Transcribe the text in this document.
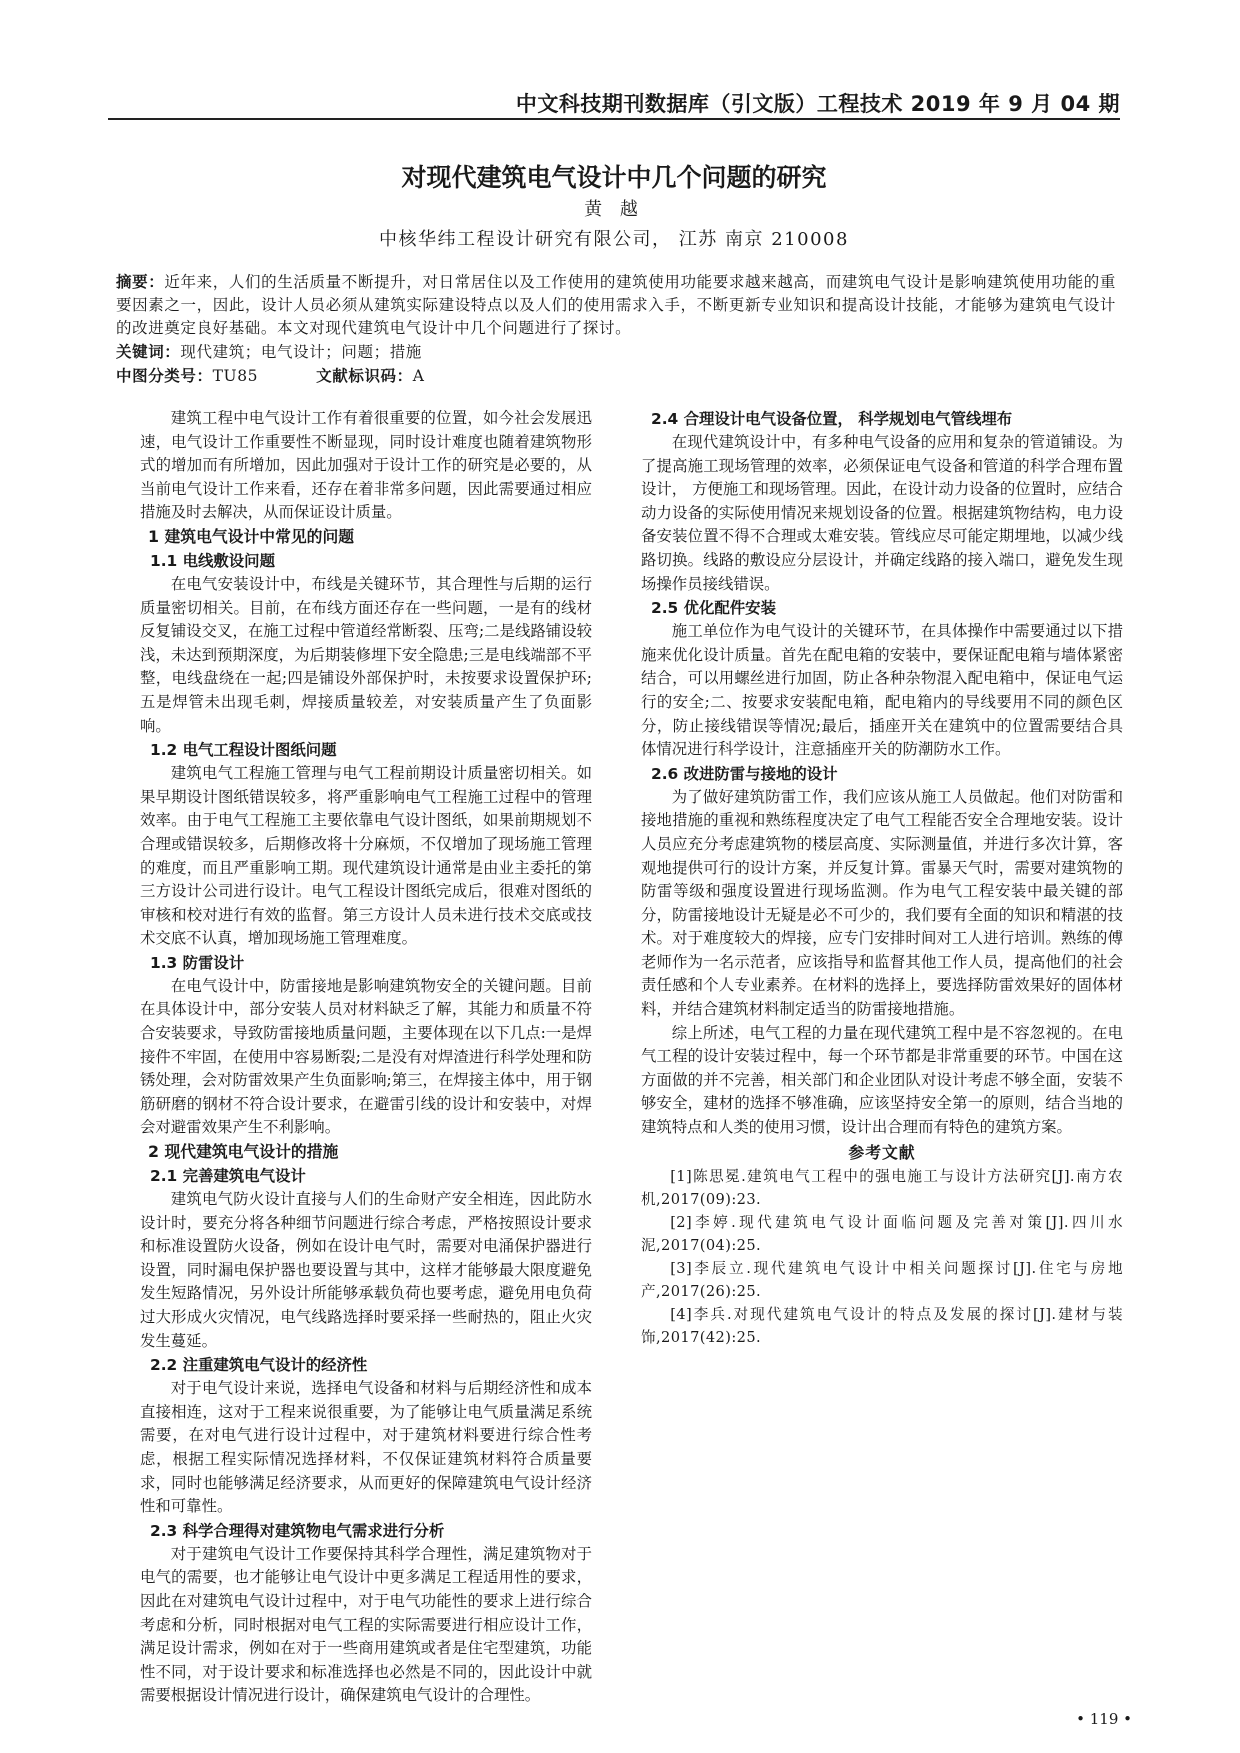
中文科技期刊数据库（引文版）工程技术 2019 年 9 月 04 期
对现代建筑电气设计中几个问题的研究
黄 越
中核华纬工程设计研究有限公司， 江苏 南京 210008
摘要：近年来，人们的生活质量不断提升，对日常居住以及工作使用的建筑使用功能要求越来越高，而建筑电气设计是影响建筑使用功能的重要因素之一，因此，设计人员必须从建筑实际建设特点以及人们的使用需求入手，不断更新专业知识和提高设计技能，才能够为建筑电气设计的改进奠定良好基础。本文对现代建筑电气设计中几个问题进行了探讨。
关键词：现代建筑；电气设计；问题；措施
中图分类号：TU85	文献标识码：A

建筑工程中电气设计工作有着很重要的位置，如今社会发展迅速，电气设计工作重要性不断显现，同时设计难度也随着建筑物形式的增加而有所增加，因此加强对于设计工作的研究是必要的，从当前电气设计工作来看，还存在着非常多问题，因此需要通过相应措施及时去解决，从而保证设计质量。

1 建筑电气设计中常见的问题
1.1 电线敷设问题

在电气安装设计中，布线是关键环节，其合理性与后期的运行质量密切相关。目前，在布线方面还存在一些问题，一是有的线材反复铺设交叉，在施工过程中管道经常断裂、压弯;二是线路铺设较浅，未达到预期深度，为后期装修埋下安全隐患;三是电线端部不平整，电线盘绕在一起;四是铺设外部保护时，未按要求设置保护环;五是焊管未出现毛刺，焊接质量较差，对安装质量产生了负面影响。

1.2 电气工程设计图纸问题

建筑电气工程施工管理与电气工程前期设计质量密切相关。如果早期设计图纸错误较多，将严重影响电气工程施工过程中的管理效率。由于电气工程施工主要依靠电气设计图纸，如果前期规划不合理或错误较多，后期修改将十分麻烦，不仅增加了现场施工管理的难度，而且严重影响工期。现代建筑设计通常是由业主委托的第三方设计公司进行设计。电气工程设计图纸完成后，很难对图纸的审核和校对进行有效的监督。第三方设计人员未进行技术交底或技术交底不认真，增加现场施工管理难度。

1.3 防雷设计

在电气设计中，防雷接地是影响建筑物安全的关键问题。目前在具体设计中，部分安装人员对材料缺乏了解，其能力和质量不符合安装要求，导致防雷接地质量问题，主要体现在以下几点:一是焊接件不牢固，在使用中容易断裂;二是没有对焊渣进行科学处理和防锈处理，会对防雷效果产生负面影响;第三，在焊接主体中，用于钢筋研磨的钢材不符合设计要求，在避雷引线的设计和安装中，对焊会对避雷效果产生不利影响。

2 现代建筑电气设计的措施
2.1 完善建筑电气设计

建筑电气防火设计直接与人们的生命财产安全相连，因此防水设计时，要充分将各种细节问题进行综合考虑，严格按照设计要求和标准设置防火设备，例如在设计电气时，需要对电涌保护器进行设置，同时漏电保护器也要设置与其中，这样才能够最大限度避免发生短路情况，另外设计所能够承载负荷也要考虑，避免用电负荷过大形成火灾情况，电气线路选择时要采择一些耐热的，阻止火灾发生蔓延。

2.2 注重建筑电气设计的经济性

对于电气设计来说，选择电气设备和材料与后期经济性和成本直接相连，这对于工程来说很重要，为了能够让电气质量满足系统需要，在对电气进行设计过程中，对于建筑材料要进行综合性考虑，根据工程实际情况选择材料，不仅保证建筑材料符合质量要求，同时也能够满足经济要求，从而更好的保障建筑电气设计经济性和可靠性。

2.3 科学合理得对建筑物电气需求进行分析

对于建筑电气设计工作要保持其科学合理性，满足建筑物对于电气的需要，也才能够让电气设计中更多满足工程适用性的要求，因此在对建筑电气设计过程中，对于电气功能性的要求上进行综合考虑和分析，同时根据对电气工程的实际需要进行相应设计工作，满足设计需求，例如在对于一些商用建筑或者是住宅型建筑，功能性不同，对于设计要求和标准选择也必然是不同的，因此设计中就需要根据设计情况进行设计，确保建筑电气设计的合理性。

2.4 合理设计电气设备位置， 科学规划电气管线埋布

在现代建筑设计中，有多种电气设备的应用和复杂的管道铺设。为了提高施工现场管理的效率，必须保证电气设备和管道的科学合理布置设计， 方便施工和现场管理。因此，在设计动力设备的位置时，应结合动力设备的实际使用情况来规划设备的位置。根据建筑物结构，电力设备安装位置不得不合理或太难安装。管线应尽可能定期埋地，以减少线路切换。线路的敷设应分层设计，并确定线路的接入端口，避免发生现场操作员接线错误。

2.5 优化配件安装

施工单位作为电气设计的关键环节，在具体操作中需要通过以下措施来优化设计质量。首先在配电箱的安装中，要保证配电箱与墙体紧密结合，可以用螺丝进行加固，防止各种杂物混入配电箱中，保证电气运行的安全;二、按要求安装配电箱，配电箱内的导线要用不同的颜色区分，防止接线错误等情况;最后，插座开关在建筑中的位置需要结合具体情况进行科学设计，注意插座开关的防潮防水工作。

2.6 改进防雷与接地的设计

为了做好建筑防雷工作，我们应该从施工人员做起。他们对防雷和接地措施的重视和熟练程度决定了电气工程能否安全合理地安装。设计人员应充分考虑建筑物的楼层高度、实际测量值，并进行多次计算，客观地提供可行的设计方案，并反复计算。雷暴天气时，需要对建筑物的防雷等级和强度设置进行现场监测。作为电气工程安装中最关键的部分，防雷接地设计无疑是必不可少的，我们要有全面的知识和精湛的技术。对于难度较大的焊接，应专门安排时间对工人进行培训。熟练的傅老师作为一名示范者，应该指导和监督其他工作人员，提高他们的社会责任感和个人专业素养。在材料的选择上，要选择防雷效果好的固体材料，并结合建筑材料制定适当的防雷接地措施。

综上所述，电气工程的力量在现代建筑工程中是不容忽视的。在电气工程的设计安装过程中，每一个环节都是非常重要的环节。中国在这方面做的并不完善，相关部门和企业团队对设计考虑不够全面，安装不够安全，建材的选择不够准确，应该坚持安全第一的原则，结合当地的建筑特点和人类的使用习惯，设计出合理而有特色的建筑方案。

参考文献

[1]陈思冕.建筑电气工程中的强电施工与设计方法研究[J].南方农机,2017(09):23.

[2]李婷.现代建筑电气设计面临问题及完善对策[J].四川水泥,2017(04):25.

[3]李辰立.现代建筑电气设计中相关问题探讨[J].住宅与房地产,2017(26):25.

[4]李兵.对现代建筑电气设计的特点及发展的探讨[J].建材与装饰,2017(42):25.

• 119 •
